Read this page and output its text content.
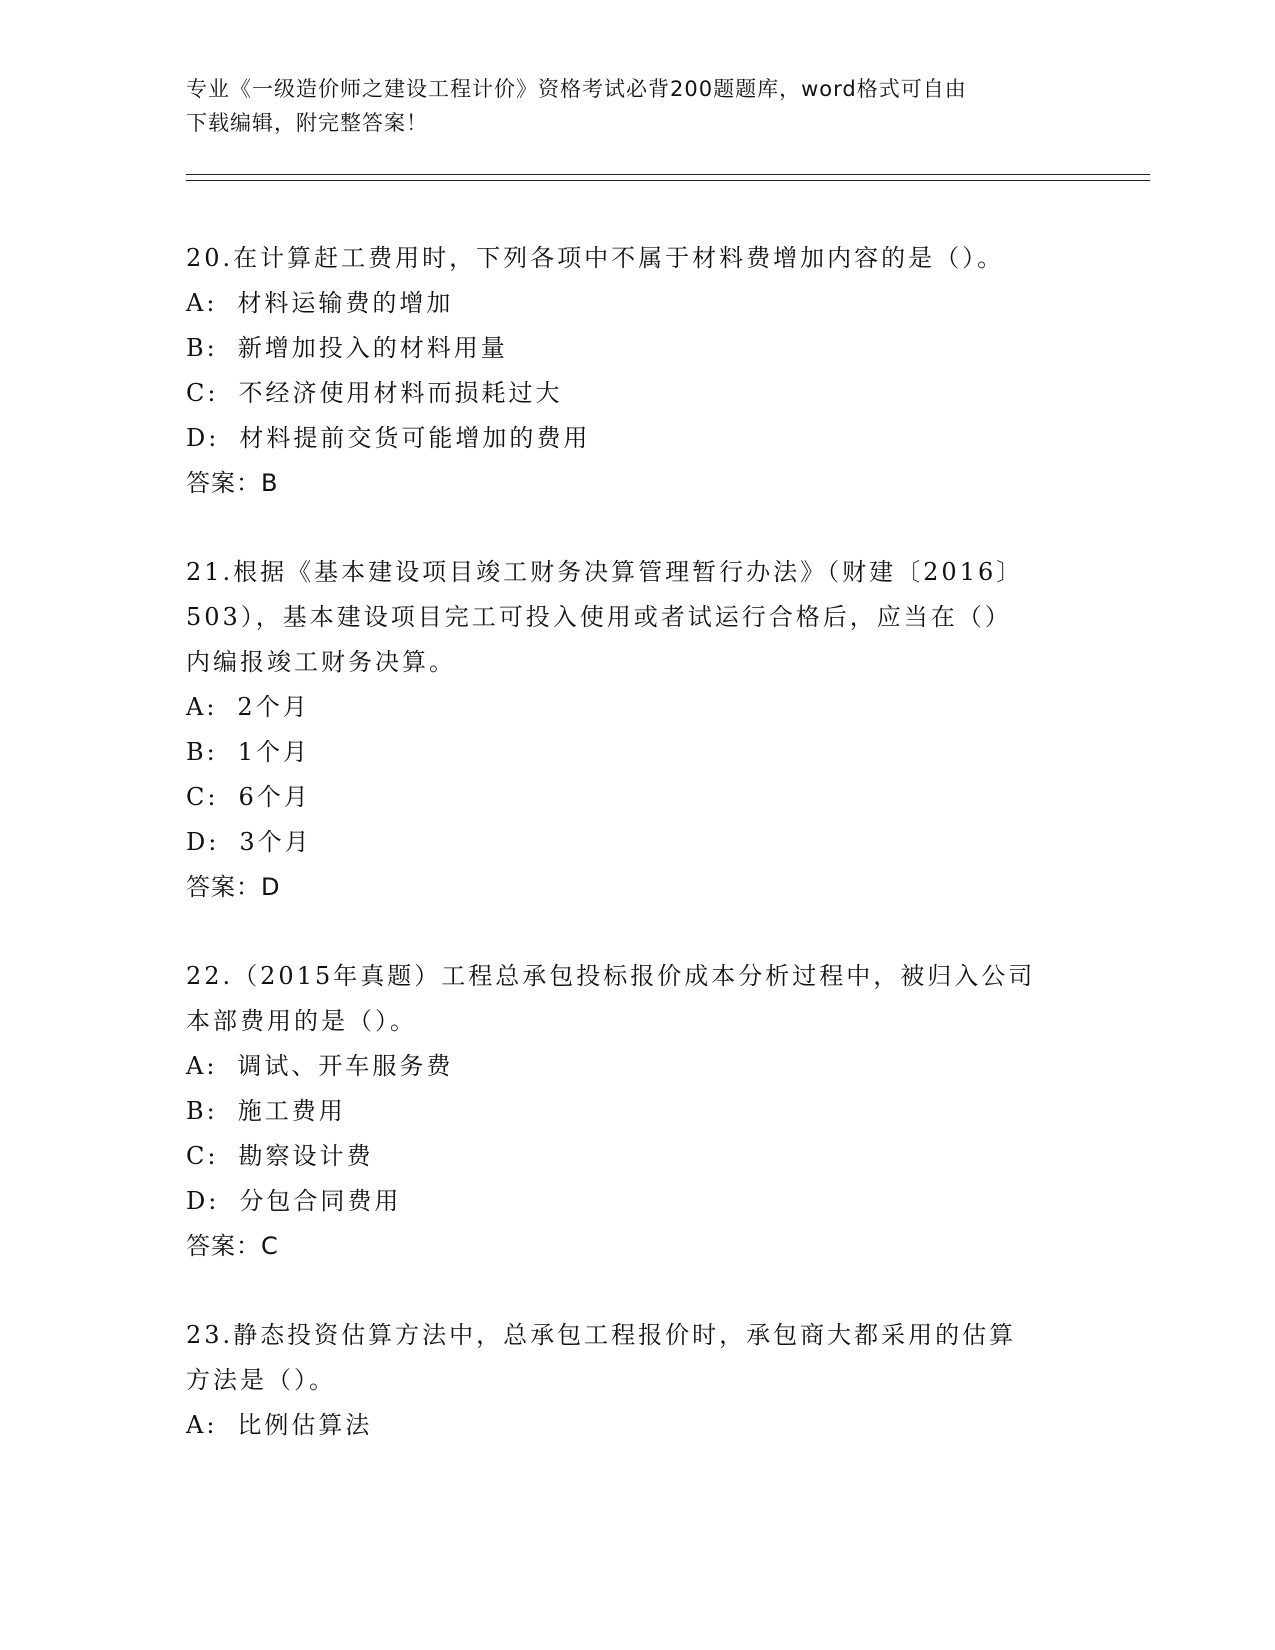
专业《一级造价师之建设工程计价》资格考试必背200题题库，word格式可自由
下载编辑，附完整答案！
20.在计算赶工费用时，下列各项中不属于材料费增加内容的是（）。
A: 材料运输费的增加
B: 新增加投入的材料用量
C: 不经济使用材料而损耗过大
D: 材料提前交货可能增加的费用
答案：B
21.根据《基本建设项目竣工财务决算管理暂行办法》（财建〔2016〕
503），基本建设项目完工可投入使用或者试运行合格后，应当在（）
内编报竣工财务决算。
A: 2个月
B: 1个月
C: 6个月
D: 3个月
答案：D
22.（2015年真题）工程总承包投标报价成本分析过程中，被归入公司
本部费用的是（）。
A: 调试、开车服务费
B: 施工费用
C: 勘察设计费
D: 分包合同费用
答案：C
23.静态投资估算方法中，总承包工程报价时，承包商大都采用的估算
方法是（）。
A: 比例估算法
